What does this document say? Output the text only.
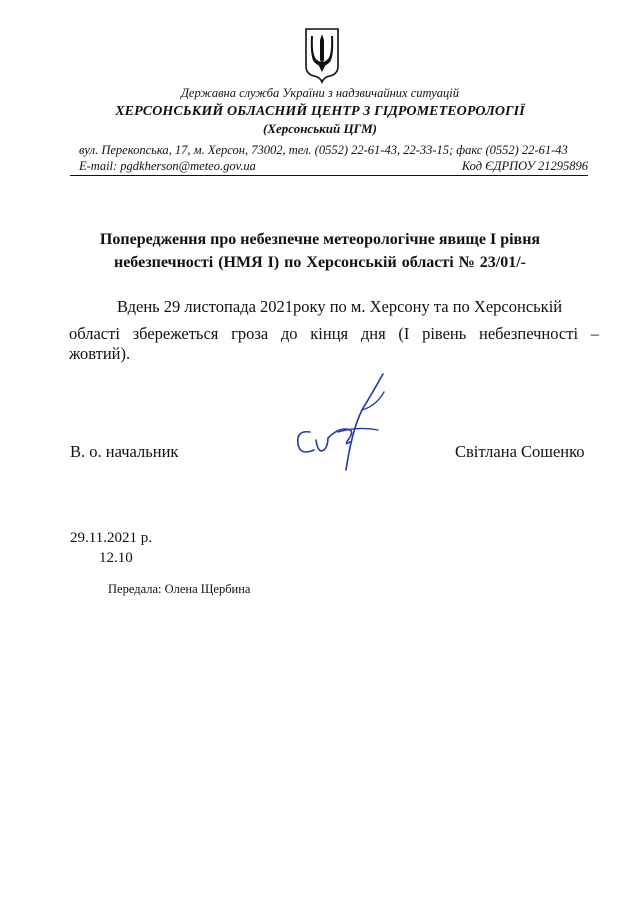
Державна служба України з надзвичайних ситуацій
ХЕРСОНСЬКИЙ ОБЛАСНИЙ ЦЕНТР З ГІДРОМЕТЕОРОЛОГІЇ
(Херсонський ЦГМ)
вул. Перекопська, 17, м. Херсон, 73002, тел. (0552) 22-61-43, 22-33-15; факс (0552) 22-61-43
E-mail: pgdkherson@meteo.gov.ua	Код ЄДРПОУ 21295896
Попередження про небезпечне метеорологічне явище І рівня
небезпечності (НМЯ І) по Херсонській області № 23/01/-
Вдень 29 листопада 2021року по м. Херсону та по Херсонській
області збережеться гроза до кінця дня (І рівень небезпечності –
жовтий).
В. о. начальник	Світлана Сошенко
29.11.2021 р.
12.10
Передала: Олена Щербина
